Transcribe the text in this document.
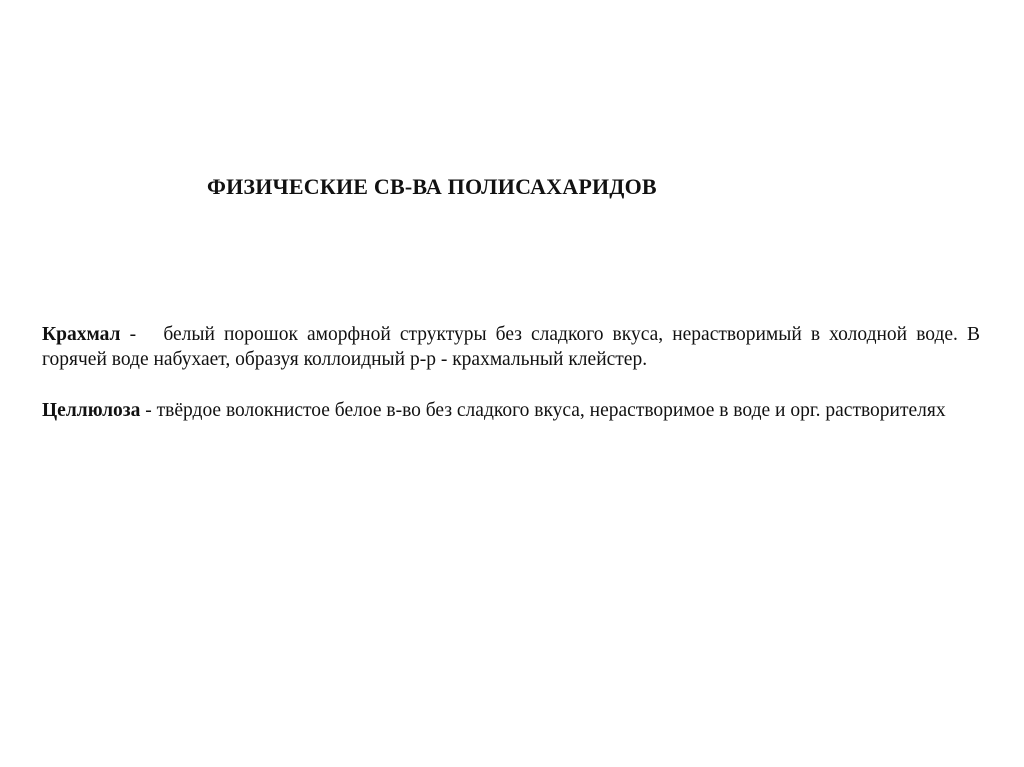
ФИЗИЧЕСКИЕ СВ-ВА ПОЛИСАХАРИДОВ

Крахмал -   белый порошок аморфной структуры без сладкого вкуса, нерастворимый в холодной воде. В горячей воде набухает, образуя коллоидный р-р - крахмальный клейстер.

Целлюлоза - твёрдое волокнистое белое в-во без сладкого вкуса, нерастворимое в воде и орг. растворителях
